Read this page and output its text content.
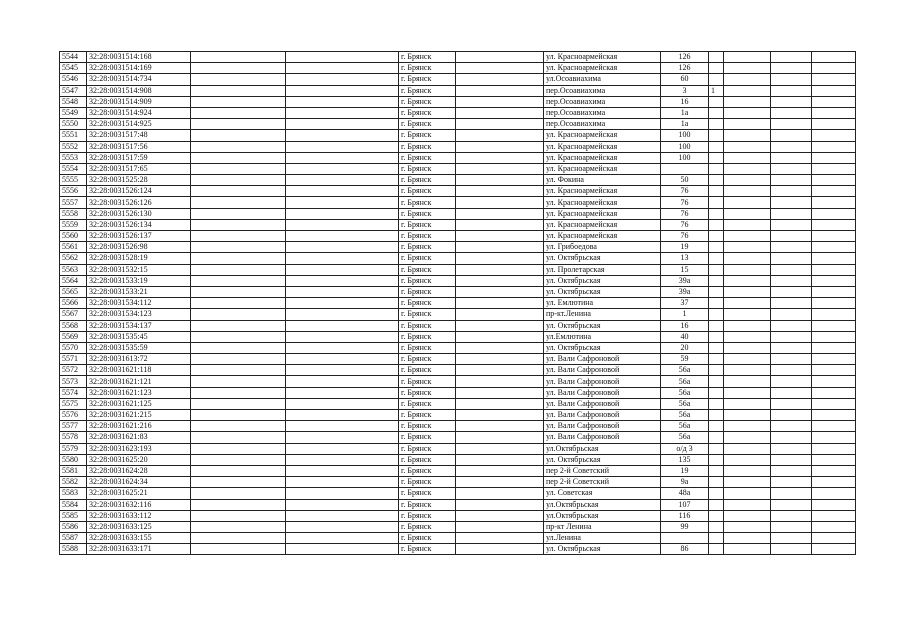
5544	32:28:0031514:168			г. Брянск		ул. Красноармейская	126				
5545	32:28:0031514:169			г. Брянск		ул. Красноармейская	126				
5546	32:28:0031514:734			г. Брянск		ул.Осоавиахима	60				
5547	32:28:0031514:908			г. Брянск		пер.Осоавиахима	3	1			
5548	32:28:0031514:909			г. Брянск		пер.Осоавиахима	16				
5549	32:28:0031514:924			г. Брянск		пер.Осоавиахима	1а				
5550	32:28:0031514:925			г. Брянск		пер.Осоавиахима	1а				
5551	32:28:0031517:48			г. Брянск		ул. Красноармейская	100				
5552	32:28:0031517:56			г. Брянск		ул. Красноармейская	100				
5553	32:28:0031517:59			г. Брянск		ул. Красноармейская	100				
5554	32:28:0031517:65			г. Брянск		ул. Красноармейская					
5555	32:28:0031525:28			г. Брянск		ул. Фокина	50				
5556	32:28:0031526:124			г. Брянск		ул. Красноармейская	76				
5557	32:28:0031526:126			г. Брянск		ул. Красноармейская	76				
5558	32:28:0031526:130			г. Брянск		ул. Красноармейская	76				
5559	32:28:0031526:134			г. Брянск		ул. Красноармейская	76				
5560	32:28:0031526:137			г. Брянск		ул. Красноармейская	76				
5561	32:28:0031526:98			г. Брянск		ул. Грибоедова	19				
5562	32:28:0031528:19			г. Брянск		ул. Октябрьская	13				
5563	32:28:0031532:15			г. Брянск		ул. Пролетарская	15				
5564	32:28:0031533:19			г. Брянск		ул. Октябрьская	39а				
5565	32:28:0031533:21			г. Брянск		ул. Октябрьская	39а				
5566	32:28:0031534:112			г. Брянск		ул. Емлютина	37				
5567	32:28:0031534:123			г. Брянск		пр-кт.Ленина	1				
5568	32:28:0031534:137			г. Брянск		ул. Октябрьская	16				
5569	32:28:0031535:45			г. Брянск		ул.Емлютина	40				
5570	32:28:0031535:59			г. Брянск		ул. Октябрьская	20				
5571	32:28:0031613:72			г. Брянск		ул. Вали Сафроновой	59				
5572	32:28:0031621:118			г. Брянск		ул. Вали Сафроновой	56а				
5573	32:28:0031621:121			г. Брянск		ул. Вали Сафроновой	56а				
5574	32:28:0031621:123			г. Брянск		ул. Вали Сафроновой	56а				
5575	32:28:0031621:125			г. Брянск		ул. Вали Сафроновой	56а				
5576	32:28:0031621:215			г. Брянск		ул. Вали Сафроновой	56а				
5577	32:28:0031621:216			г. Брянск		ул. Вали Сафроновой	56а				
5578	32:28:0031621:83			г. Брянск		ул. Вали Сафроновой	56а				
5579	32:28:0031623:193			г. Брянск		ул.Октябрьская	о/д 3				
5580	32:28:0031625:20			г. Брянск		ул. Октябрьская	135				
5581	32:28:0031624:28			г. Брянск		пер 2-й Советский	19				
5582	32:28:0031624:34			г. Брянск		пер 2-й Советский	9а				
5583	32:28:0031625:21			г. Брянск		ул. Советская	48а				
5584	32:28:0031632:116			г. Брянск		ул.Октябрьская	107				
5585	32:28:0031633:112			г. Брянск		ул.Октябрьская	116				
5586	32:28:0031633:125			г. Брянск		пр-кт Ленина	99				
5587	32:28:0031633:155			г. Брянск		ул.Ленина					
5588	32:28:0031633:171			г. Брянск		ул. Октябрьская	86				
